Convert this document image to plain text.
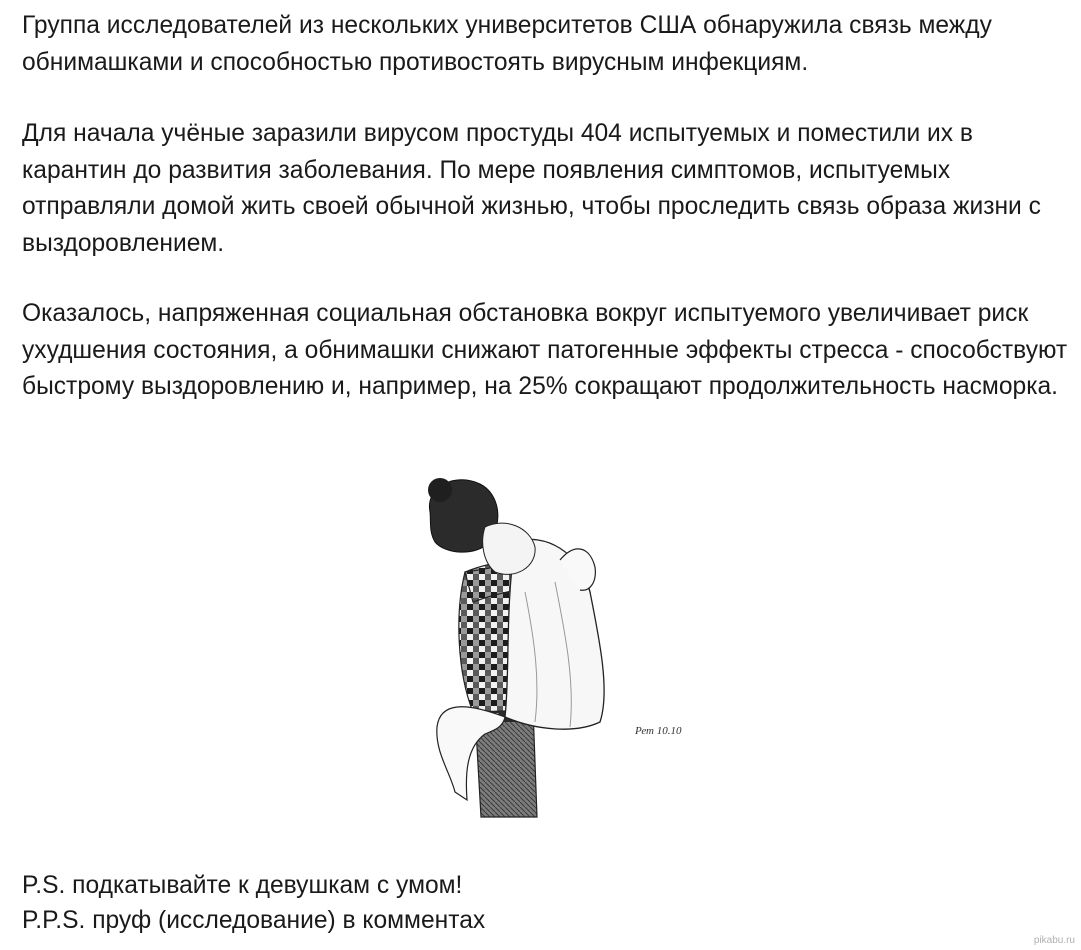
Группа исследователей из нескольких университетов США обнаружила связь между обнимашками и способностью противостоять вирусным инфекциям.

Для начала учёные заразили вирусом простуды 404 испытуемых и поместили их в карантин до развития заболевания. По мере появления симптомов, испытуемых отправляли домой жить своей обычной жизнью, чтобы проследить связь образа жизни с выздоровлением.

Оказалось, напряженная социальная обстановка вокруг испытуемого увеличивает риск ухудшения состояния, а обнимашки снижают патогенные эффекты стресса - способствуют быстрому выздоровлению и, например, на 25% сокращают продолжительность насморка.

Рет 10.10

P.S. подкатывайте к девушкам с умом!

P.P.S. пруф (исследование) в комментах

pikabu.ru
